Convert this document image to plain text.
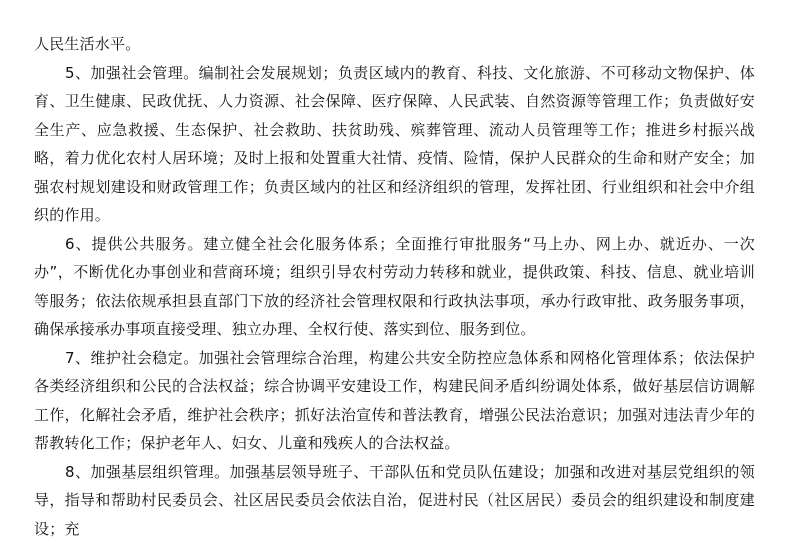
人民生活水平。

5、加强社会管理。编制社会发展规划；负责区域内的教育、科技、文化旅游、不可移动文物保护、体育、卫生健康、民政优抚、人力资源、社会保障、医疗保障、人民武装、自然资源等管理工作；负责做好安全生产、应急救援、生态保护、社会救助、扶贫助残、殡葬管理、流动人员管理等工作；推进乡村振兴战略，着力优化农村人居环境；及时上报和处置重大社情、疫情、险情，保护人民群众的生命和财产安全；加强农村规划建设和财政管理工作；负责区域内的社区和经济组织的管理，发挥社团、行业组织和社会中介组织的作用。

6、提供公共服务。建立健全社会化服务体系；全面推行审批服务“马上办、网上办、就近办、一次办”，不断优化办事创业和营商环境；组织引导农村劳动力转移和就业，提供政策、科技、信息、就业培训等服务；依法依规承担县直部门下放的经济社会管理权限和行政执法事项，承办行政审批、政务服务事项，确保承接承办事项直接受理、独立办理、全权行使、落实到位、服务到位。

7、维护社会稳定。加强社会管理综合治理，构建公共安全防控应急体系和网格化管理体系；依法保护各类经济组织和公民的合法权益；综合协调平安建设工作，构建民间矛盾纠纷调处体系，做好基层信访调解工作，化解社会矛盾，维护社会秩序；抓好法治宣传和普法教育，增强公民法治意识；加强对违法青少年的帮教转化工作；保护老年人、妇女、儿童和残疾人的合法权益。

8、加强基层组织管理。加强基层领导班子、干部队伍和党员队伍建设；加强和改进对基层党组织的领导，指导和帮助村民委员会、社区居民委员会依法自治，促进村民（社区居民）委员会的组织建设和制度建设；充
